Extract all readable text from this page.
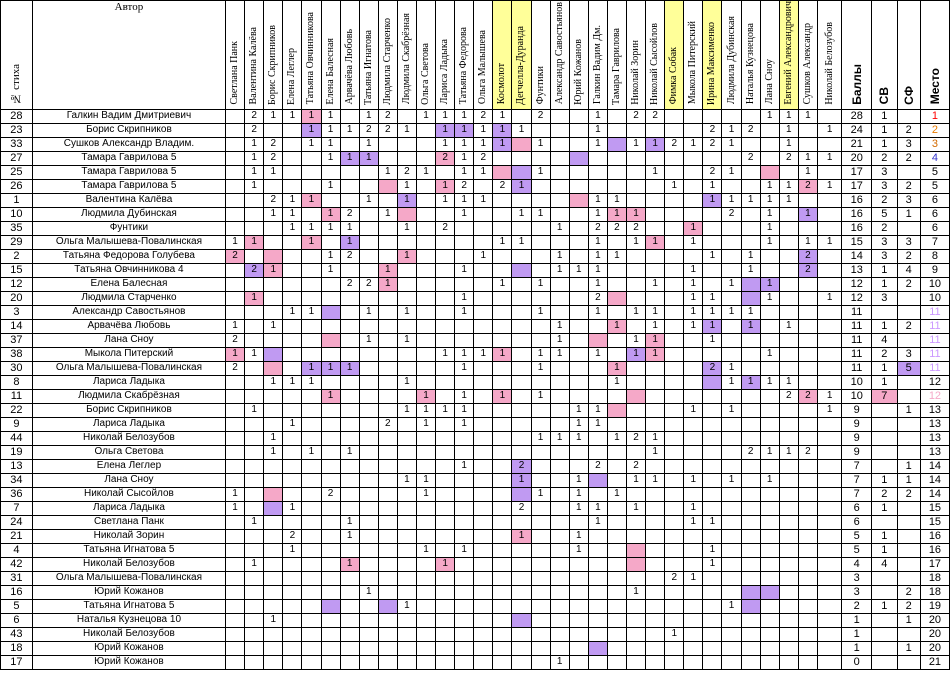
№ стиха	Автор	Светлана Панк	Валентина Калёва	Борис Скрипников	Елена Леглер	Татьяна Овчинникова	Елена Балесная	Арвачёва Любовь	Татьяна Игнатова	Людмила Старченко	Людмила Скабрёзная	Ольга Светова	Лариса Ладыка	Татьяна Федорова	Ольга Малышева	Космолот	Дегчелла-Дуранда	Фунтики	Александр Савостьянов	Юрий Кожанов	Галкин Вадим Дм.	Тамара Гаврилова	Николай Зорин	Николай Сысойлов	Фимка Собак	Мыкола Питерский	Ирина Максименко	Людмила Дубинская	Наталья Кузнецова	Лана Сноу	Евгений Александрович	Сушков Александр	Николай Белозубов	Баллы	СВ	СФ	Место
28	Галкин Вадим Дмитриевич		2	1	1	1	1		1	2		1	1	1	2	1		2			1		2	2						1	1	1		28	1		1
23	Борис Скрипников		2			1	1	1	2	2	1		1	1	1	1	1				1						2	1	2		1		1	24	1	2	2
33	Сушков Александр Владим.		1	2		1	1		1				1	1	1	1		1			1		1	1	2	1	2	1			1			21	1	3	3
27	Тамара Гаврилова 5		1	2			1	1	1				2	1	2														2		2	1	1	20	2	2	4
25	Тамара Гаврилова 5		1	1						1	2	1		1	1			1						1			2	1				1		17	3		5
26	Тамара Гаврилова 5		1				1				1		1	2		2	1								1		1			1	1	2	1	17	3	2	5
1	Валентина Калёва			2	1	1			1		1		1	1	1						1	1					1	1	1	1	1			16	2	3	6
10	Людмила Дубинская			1	1		1	2		1				1			1	1			1	1	1					2		1		1		16	5	1	6
35	Фунтики				1	1	1	1			1		2						1		2	2	2			1				1				16	2		6
29	Ольга Малышева-Повалинская	1	1			1		1								1	1				1		1	1		1				1		1	1	15	3	3	7
2	Татьяна Федорова Голубева	2					1	2			1				1				1		1	1					1		1			2		14	3	2	8
15	Татьяна Овчинникова 4		2	1			1			1				1					1	1	1					1			1			2		13	1	4	9
12	Елена Балесная							2	2	1						1		1			1			1		1		1		1				12	1	2	10
20	Людмила Старченко		1											1							2					1	1			1			1	12	3		10
3	Александр Савостьянов				1	1			1		1			1				1			1		1	1		1	1	1	1					11			11
14	Арвачёва Любовь	1		1															1			1		1		1	1		1		1			11	1	2	11
37	Лана Сноу	2							1		1								1				1	1			1							11	4		11
38	Мыкола Питерский	1	1										1	1	1	1		1	1		1		1	1						1				11	2	3	11
30	Ольга Малышева-Повалинская	2				1	1	1						1				1				1					2	1						11	1	5	11
8	Лариса Ладыка			1	1	1					1											1						1	1	1	1			10	1		12
11	Людмила Скабрёзная						1					1		1		1		1													2	2	1	10	7		12
22	Борис Скрипников		1								1	1	1	1						1	1					1		1					1	9		1	13
9	Лариса Ладыка				1					2		1		1						1	1													9			13
44	Николай Белозубов			1														1	1	1		1	2	1										9			13
19	Ольга Светова			1		1		1																1					2	1	1	2		9			13
13	Елена Леглер													1			2				2		2											7		1	14
34	Лана Сноу										1	1					1			1			1	1		1		1		1				7	1	1	14
36	Николай Сысойлов	1					2					1						1		1		1												7	2	2	14
7	Лариса Ладыка	1			1												2			1	1		1			1								6	1		15
24	Светлана Панк		1					1													1					1	1							6			15
21	Николай Зорин				2			1									1			1														5	1		16
4	Татьяна Игнатова 5				1							1		1						1							1							5	1		16
42	Николай Белозубов		1					1					1														1							4	4		17
31	Ольга Малышева-Повалинская																								2	1								3			18
16	Юрий Кожанов								1														1											3		2	18
5	Татьяна Игнатова 5										1																	1						2	1	2	19
6	Наталья Кузнецова 10			1																														1		1	20
43	Николай Белозубов																								1									1			20
18	Юрий Кожанов																																	1		1	20
17	Юрий Кожанов																		1															0			21
